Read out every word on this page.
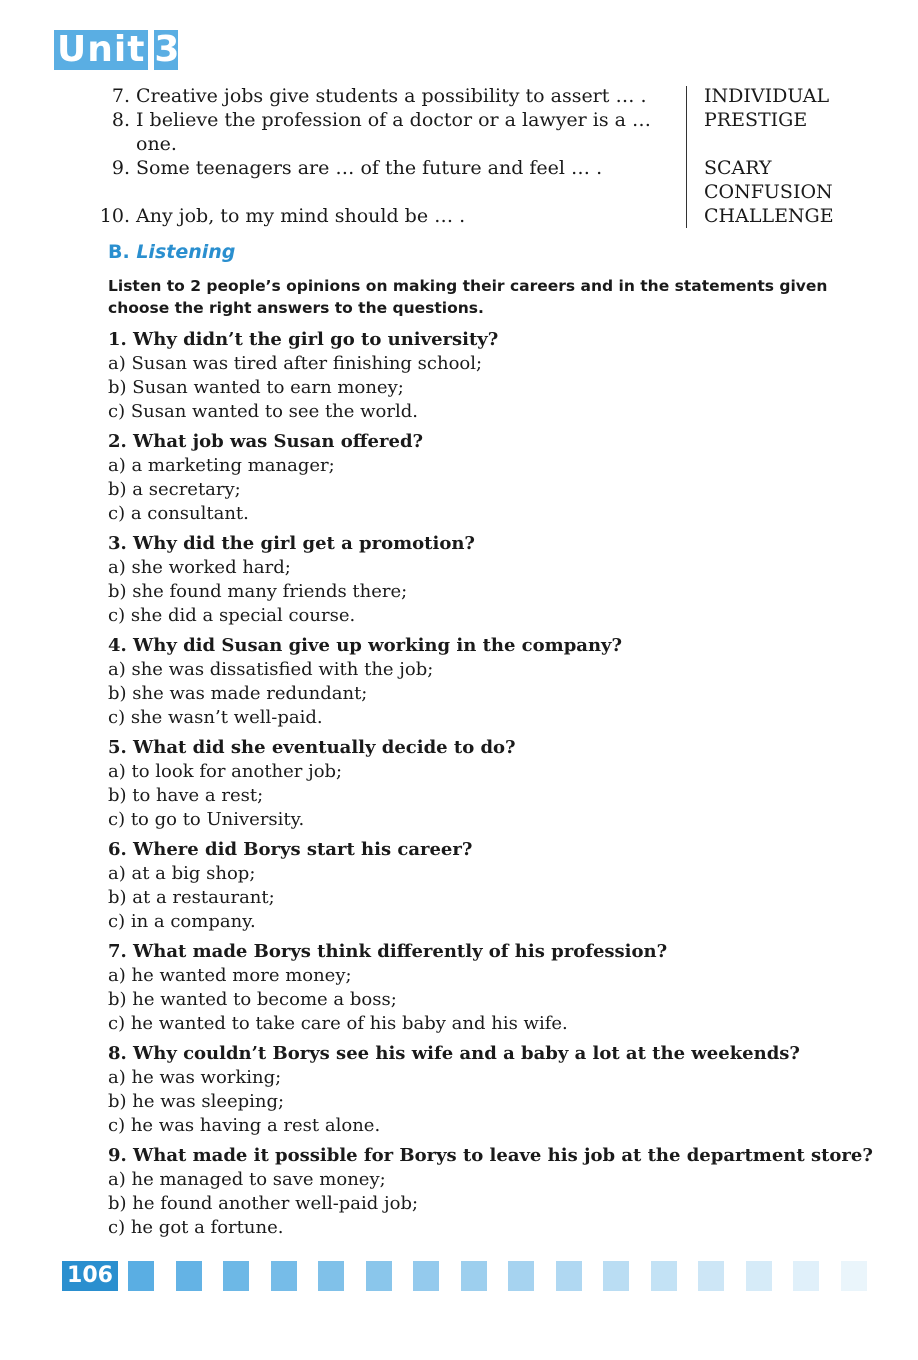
Unit 3
7. Creative jobs give students a possibility to assert … .
8. I believe the profession of a doctor or a lawyer is a …
one.
9. Some teenagers are … of the future and feel … .
10. Any job, to my mind should be … .
INDIVIDUAL
PRESTIGE
SCARY
CONFUSION
CHALLENGE
B. Listening
Listen to 2 people’s opinions on making their careers and in the statements given choose the right answers to the questions.
1. Why didn’t the girl go to university?
a) Susan was tired after finishing school;
b) Susan wanted to earn money;
c) Susan wanted to see the world.
2. What job was Susan offered?
a) a marketing manager;
b) a secretary;
c) a consultant.
3. Why did the girl get a promotion?
a) she worked hard;
b) she found many friends there;
c) she did a special course.
4. Why did Susan give up working in the company?
a) she was dissatisfied with the job;
b) she was made redundant;
c) she wasn’t well-paid.
5. What did she eventually decide to do?
a) to look for another job;
b) to have a rest;
c) to go to University.
6. Where did Borys start his career?
a) at a big shop;
b) at a restaurant;
c) in a company.
7. What made Borys think differently of his profession?
a) he wanted more money;
b) he wanted to become a boss;
c) he wanted to take care of his baby and his wife.
8. Why couldn’t Borys see his wife and a baby a lot at the weekends?
a) he was working;
b) he was sleeping;
c) he was having a rest alone.
9. What made it possible for Borys to leave his job at the department store?
a) he managed to save money;
b) he found another well-paid job;
c) he got a fortune.
106
